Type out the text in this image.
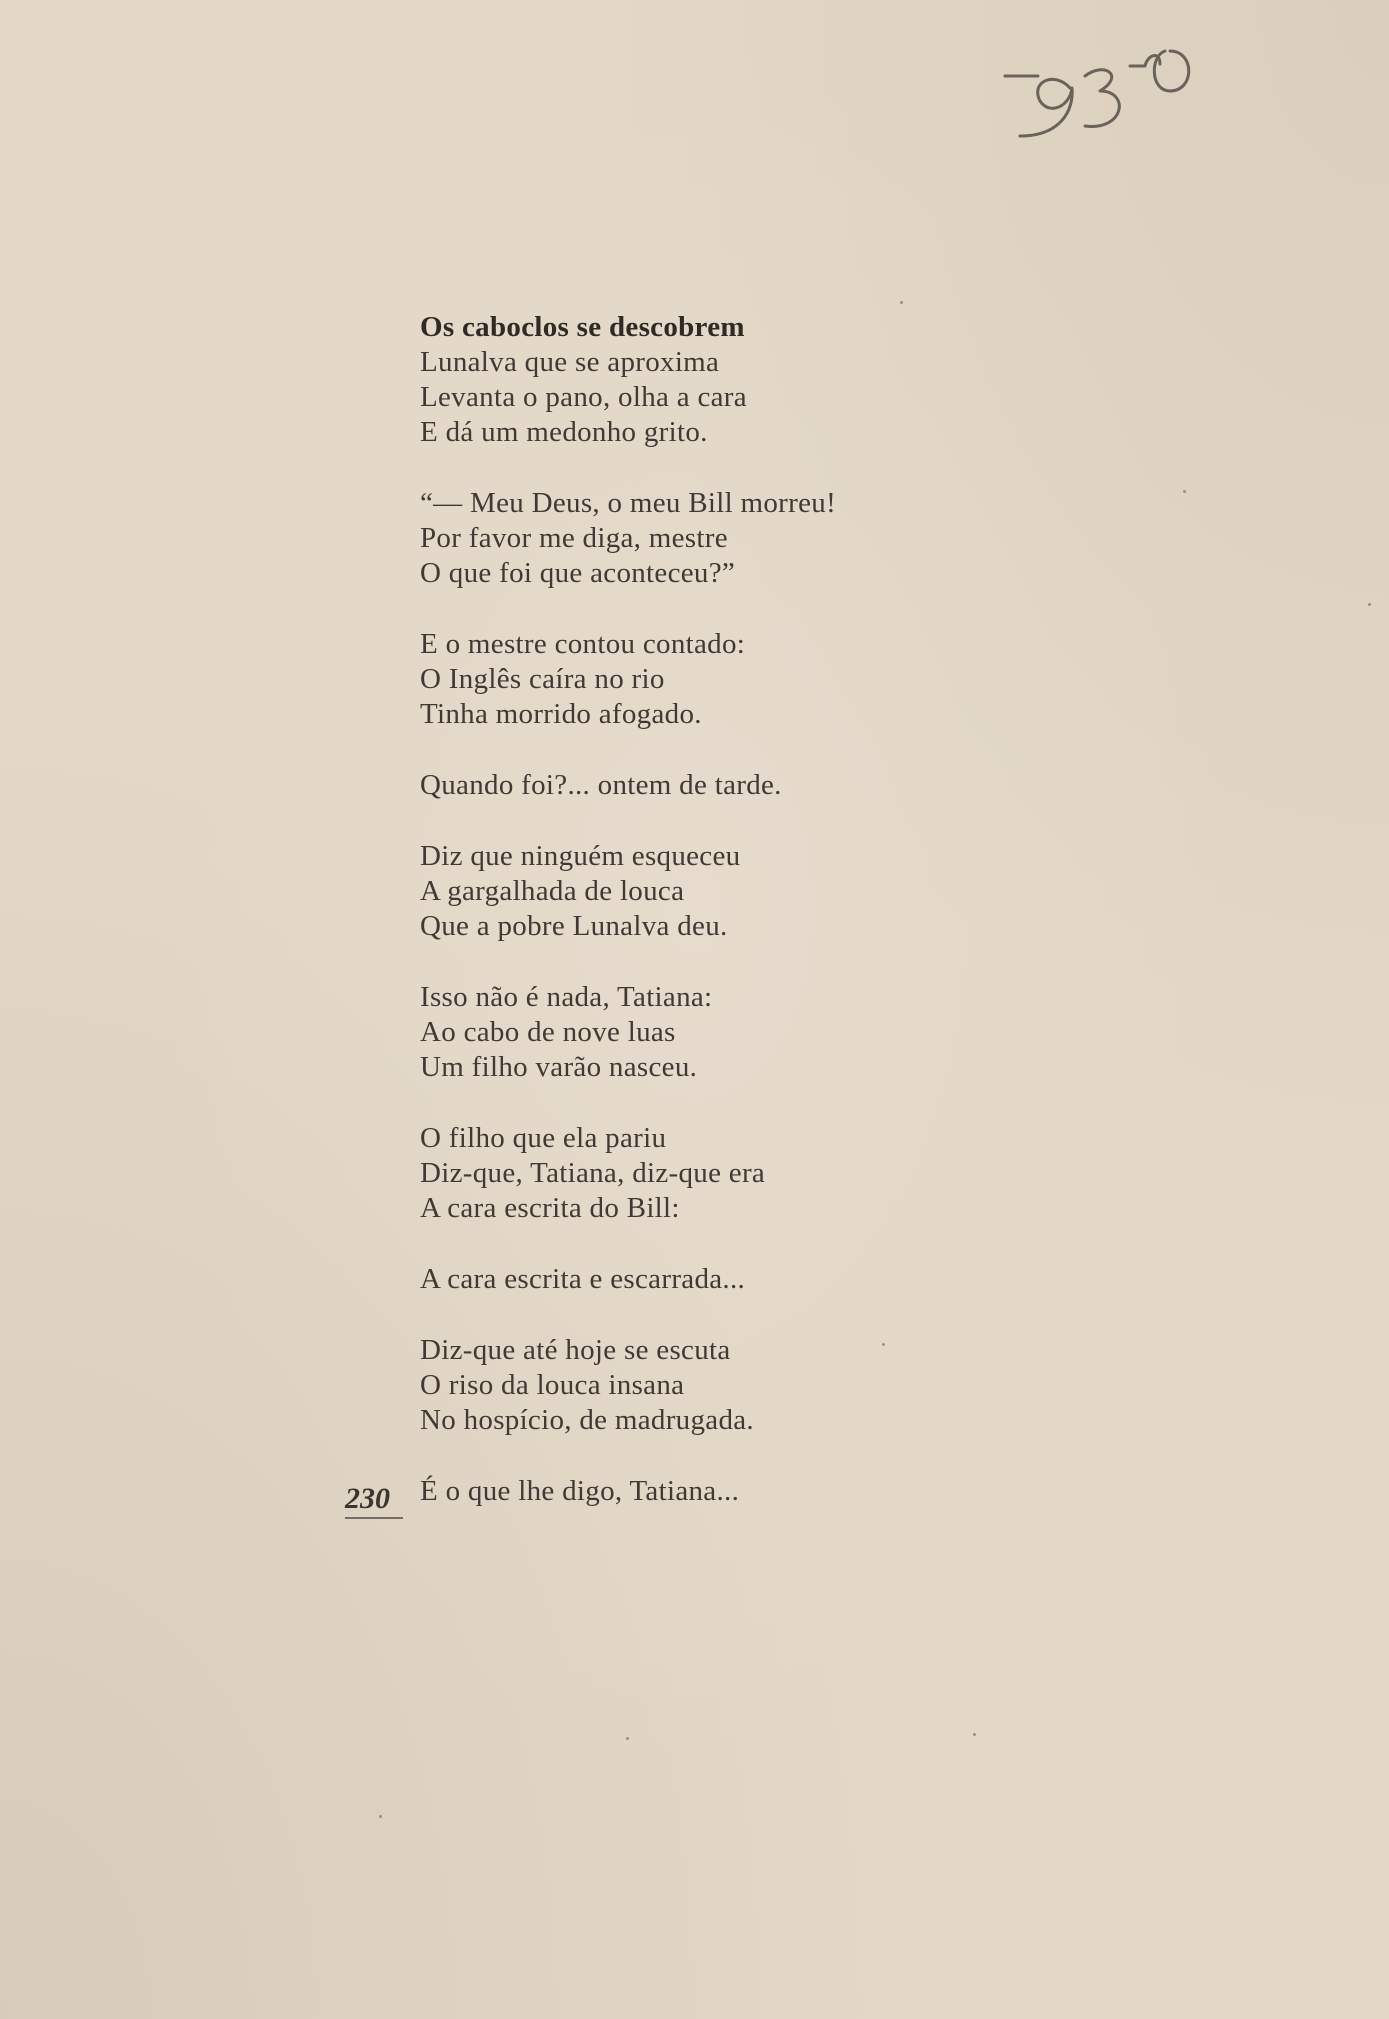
Os caboclos se descobrem
Lunalva que se aproxima
Levanta o pano, olha a cara
E dá um medonho grito.
“— Meu Deus, o meu Bill morreu!
Por favor me diga, mestre
O que foi que aconteceu?”
E o mestre contou contado:
O Inglês caíra no rio
Tinha morrido afogado.
Quando foi?... ontem de tarde.
Diz que ninguém esqueceu
A gargalhada de louca
Que a pobre Lunalva deu.
Isso não é nada, Tatiana:
Ao cabo de nove luas
Um filho varão nasceu.
O filho que ela pariu
Diz-que, Tatiana, diz-que era
A cara escrita do Bill:
A cara escrita e escarrada...
Diz-que até hoje se escuta
O riso da louca insana
No hospício, de madrugada.
É o que lhe digo, Tatiana...
230
